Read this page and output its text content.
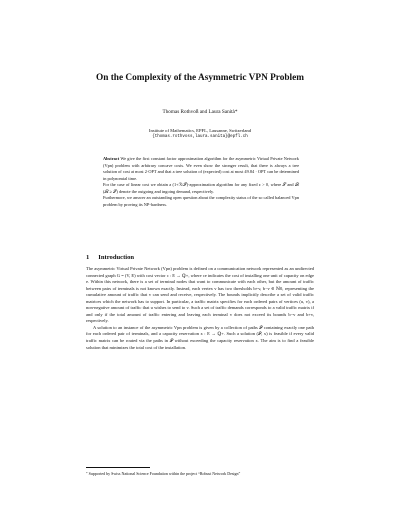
On the Complexity of the Asymmetric VPN Problem
Thomas Rothvoß and Laura Sanità*
Institute of Mathematics, EPFL, Lausanne, Switzerland
{thomas.rothvoss,laura.sanita}@epfl.ch

Abstract We give the first constant factor approximation algorithm for the asymmetric Virtual Private Network (Vpn) problem with arbitrary concave costs. We even show the stronger result, that there is always a tree solution of cost at most 2·OPT and that a tree solution of (expected) cost at most 49.84 · OPT can be determined in polynomial time.

For the case of linear cost we obtain a (1+ℛ/𝒮)-approximation algorithm for any fixed ε > 0, where 𝒮 and ℛ (ℛ ≥ 𝒮) denote the outgoing and ingoing demand, respectively.

Furthermore, we answer an outstanding open question about the complexity status of the so called balanced Vpn problem by proving its NP-hardness.

1 Introduction

The asymmetric Virtual Private Network (Vpn) problem is defined on a communication network represented as an undirected connected graph G = (V, E) with cost vector c : E → ℚ+, where ce indicates the cost of installing one unit of capacity on edge e. Within this network, there is a set of terminal nodes that want to communicate with each other, but the amount of traffic between pairs of terminals is not known exactly. Instead, each vertex v has two thresholds b+v, b−v ∈ ℕ0, representing the cumulative amount of traffic that v can send and receive, respectively. The bounds implicitly describe a set of valid traffic matrices which the network has to support. In particular, a traffic matrix specifies for each ordered pairs of vertices (u, v), a non-negative amount of traffic that u wishes to send to v. Such a set of traffic demands corresponds to a valid traffic matrix if and only if the total amount of traffic entering and leaving each terminal v does not exceed its bounds b−v and b+v, respectively.

A solution to an instance of the asymmetric Vpn problem is given by a collection of paths 𝒫 containing exactly one path for each ordered pair of terminals, and a capacity reservation x : E → ℚ+. Such a solution (𝒫, x) is feasible if every valid traffic matrix can be routed via the paths in 𝒫 without exceeding the capacity reservation x. The aim is to find a feasible solution that minimizes the total cost of the installation.

*Supported by Swiss National Science Foundation within the project “Robust Network Design”
